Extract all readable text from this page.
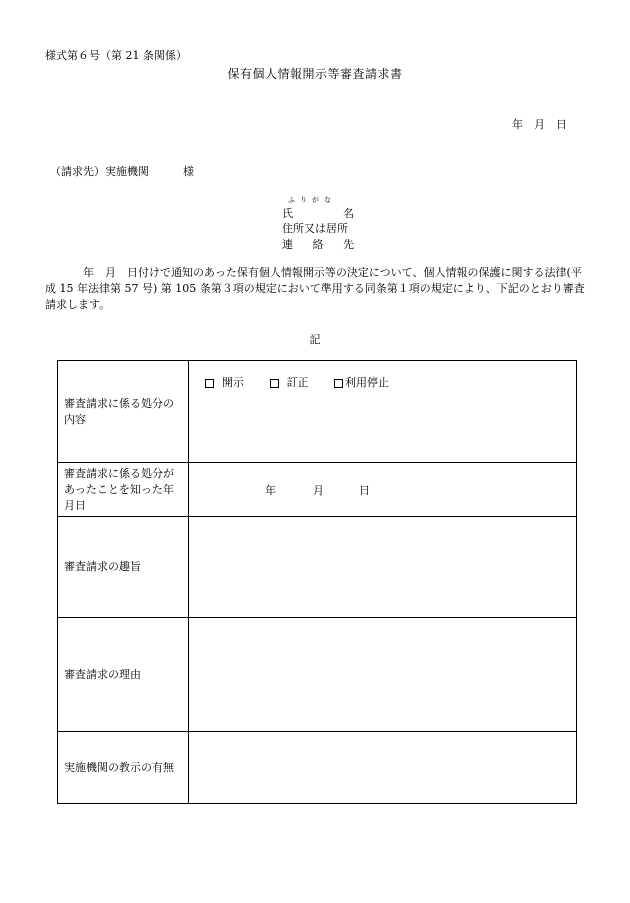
様式第６号（第 21 条関係）
保有個人情報開示等審査請求書
年　月　日
（請求先）実施機関	様
ふりがな
氏	名
住所又は居所
連 絡 先
年　月　日付けで通知のあった保有個人情報開示等の決定について、個人情報の保護に関する法律(平成 15 年法律第 57 号) 第 105 条第３項の規定において準用する同条第１項の規定により、下記のとおり審査請求します。
記
審査請求に係る処分の内容	開示
訂正
利用停止

審査請求に係る処分があったことを知った年月日	年 月 日

審査請求の趣旨	
審査請求の理由	
実施機関の教示の有無	
